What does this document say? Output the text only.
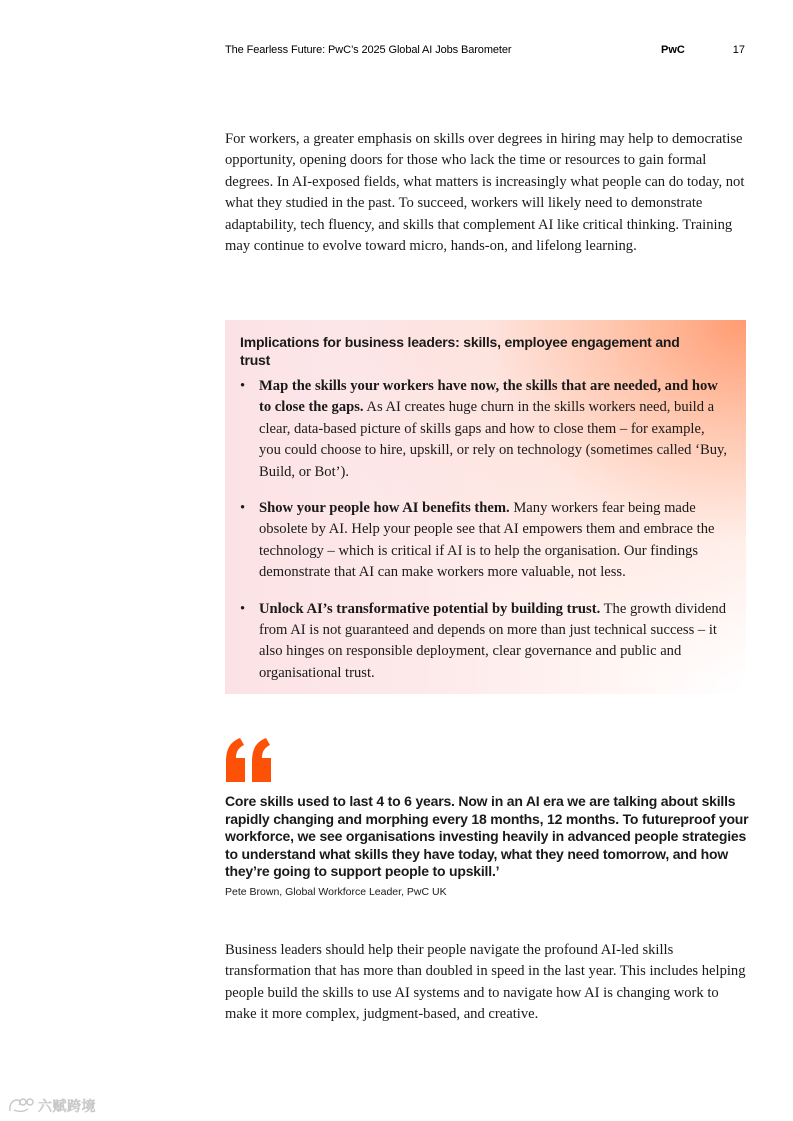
The Fearless Future: PwC’s 2025 Global AI Jobs Barometer	PwC	17

For workers, a greater emphasis on skills over degrees in hiring may help to democratise opportunity, opening doors for those who lack the time or resources to gain formal degrees. In AI-exposed fields, what matters is increasingly what people can do today, not what they studied in the past. To succeed, workers will likely need to demonstrate adaptability, tech fluency, and skills that complement AI like critical thinking. Training may continue to evolve toward micro, hands-on, and lifelong learning.

Implications for business leaders: skills, employee engagement and trust

• Map the skills your workers have now, the skills that are needed, and how to close the gaps. As AI creates huge churn in the skills workers need, build a clear, data-based picture of skills gaps and how to close them – for example, you could choose to hire, upskill, or rely on technology (sometimes called ‘Buy, Build, or Bot’).
• Show your people how AI benefits them. Many workers fear being made obsolete by AI. Help your people see that AI empowers them and embrace the technology – which is critical if AI is to help the organisation. Our findings demonstrate that AI can make workers more valuable, not less.
• Unlock AI’s transformative potential by building trust. The growth dividend from AI is not guaranteed and depends on more than just technical success – it also hinges on responsible deployment, clear governance and public and organisational trust.

Core skills used to last 4 to 6 years. Now in an AI era we are talking about skills rapidly changing and morphing every 18 months, 12 months. To futureproof your workforce, we see organisations investing heavily in advanced people strategies to understand what skills they have today, what they need tomorrow, and how they’re going to support people to upskill.’

Pete Brown, Global Workforce Leader, PwC UK

Business leaders should help their people navigate the profound AI-led skills transformation that has more than doubled in speed in the last year. This includes helping people build the skills to use AI systems and to navigate how AI is changing work to make it more complex, judgment-based, and creative.

六赋跨境
